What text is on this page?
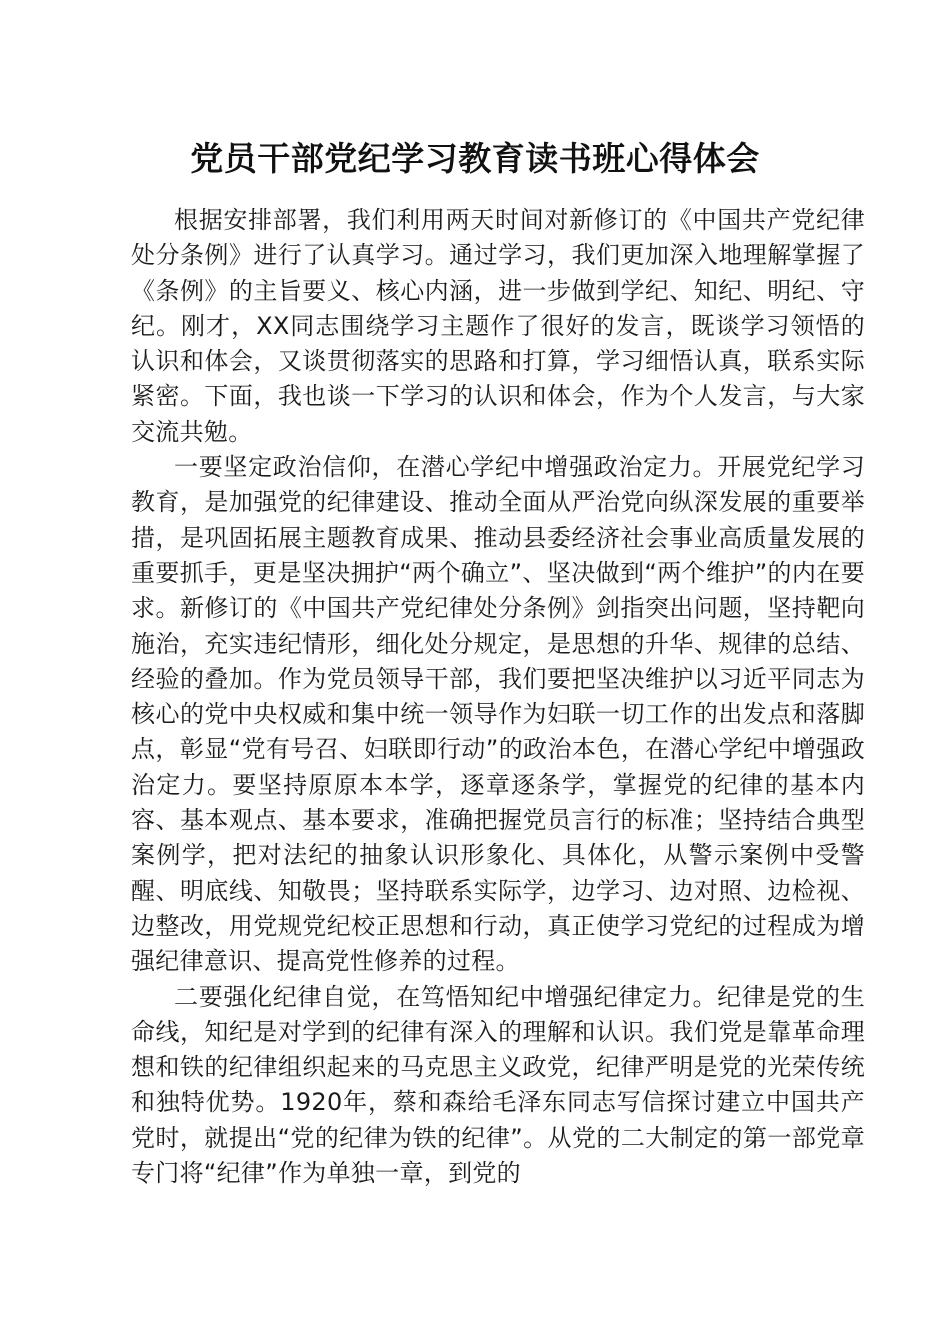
党员干部党纪学习教育读书班心得体会

根据安排部署，我们利用两天时间对新修订的《中国共产党纪律处分条例》进行了认真学习。通过学习，我们更加深入地理解掌握了《条例》的主旨要义、核心内涵，进一步做到学纪、知纪、明纪、守纪。刚才，XX同志围绕学习主题作了很好的发言，既谈学习领悟的认识和体会，又谈贯彻落实的思路和打算，学习细悟认真，联系实际紧密。下面，我也谈一下学习的认识和体会，作为个人发言，与大家交流共勉。

一要坚定政治信仰，在潜心学纪中增强政治定力。开展党纪学习教育，是加强党的纪律建设、推动全面从严治党向纵深发展的重要举措，是巩固拓展主题教育成果、推动县委经济社会事业高质量发展的重要抓手，更是坚决拥护“两个确立”、坚决做到“两个维护”的内在要求。新修订的《中国共产党纪律处分条例》剑指突出问题，坚持靶向施治，充实违纪情形，细化处分规定，是思想的升华、规律的总结、经验的叠加。作为党员领导干部，我们要把坚决维护以习近平同志为核心的党中央权威和集中统一领导作为妇联一切工作的出发点和落脚点，彰显“党有号召、妇联即行动”的政治本色，在潜心学纪中增强政治定力。要坚持原原本本学，逐章逐条学，掌握党的纪律的基本内容、基本观点、基本要求，准确把握党员言行的标准；坚持结合典型案例学，把对法纪的抽象认识形象化、具体化，从警示案例中受警醒、明底线、知敬畏；坚持联系实际学，边学习、边对照、边检视、边整改，用党规党纪校正思想和行动，真正使学习党纪的过程成为增强纪律意识、提高党性修养的过程。

二要强化纪律自觉，在笃悟知纪中增强纪律定力。纪律是党的生命线，知纪是对学到的纪律有深入的理解和认识。我们党是靠革命理想和铁的纪律组织起来的马克思主义政党，纪律严明是党的光荣传统和独特优势。1920年，蔡和森给毛泽东同志写信探讨建立中国共产党时，就提出“党的纪律为铁的纪律”。从党的二大制定的第一部党章专门将“纪律”作为单独一章，到党的
